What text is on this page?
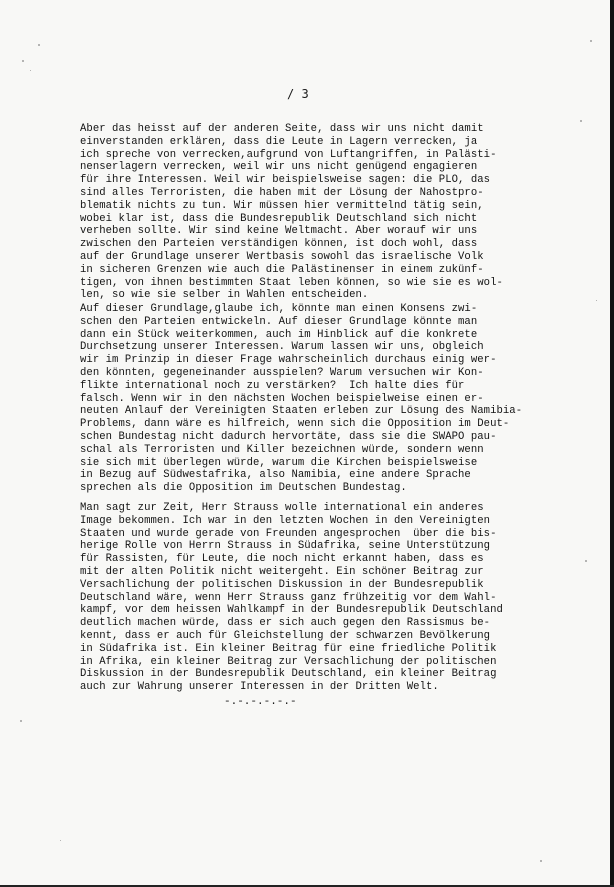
/ 3

Aber das heisst auf der anderen Seite, dass wir uns nicht damit
einverstanden erklären, dass die Leute in Lagern verrecken, ja
ich spreche von verrecken,aufgrund von Luftangriffen, in Palästi-
nenserlagern verrecken, weil wir uns nicht genügend engagieren
für ihre Interessen. Weil wir beispielsweise sagen: die PLO, das
sind alles Terroristen, die haben mit der Lösung der Nahostpro-
blematik nichts zu tun. Wir müssen hier vermittelnd tätig sein,
wobei klar ist, dass die Bundesrepublik Deutschland sich nicht
verheben sollte. Wir sind keine Weltmacht. Aber worauf wir uns
zwischen den Parteien verständigen können, ist doch wohl, dass
auf der Grundlage unserer Wertbasis sowohl das israelische Volk
in sicheren Grenzen wie auch die Palästinenser in einem zukünf-
tigen, von ihnen bestimmten Staat leben können, so wie sie es wol-
len, so wie sie selber in Wahlen entscheiden.

Auf dieser Grundlage,glaube ich, könnte man einen Konsens zwi-
schen den Parteien entwickeln. Auf dieser Grundlage könnte man
dann ein Stück weiterkommen, auch im Hinblick auf die konkrete
Durchsetzung unserer Interessen. Warum lassen wir uns, obgleich
wir im Prinzip in dieser Frage wahrscheinlich durchaus einig wer-
den könnten, gegeneinander ausspielen? Warum versuchen wir Kon-
flikte international noch zu verstärken?  Ich halte dies für
falsch. Wenn wir in den nächsten Wochen beispielweise einen er-
neuten Anlauf der Vereinigten Staaten erleben zur Lösung des Namibia-
Problems, dann wäre es hilfreich, wenn sich die Opposition im Deut-
schen Bundestag nicht dadurch hervortäte, dass sie die SWAPO pau-
schal als Terroristen und Killer bezeichnen würde, sondern wenn
sie sich mit überlegen würde, warum die Kirchen beispielsweise
in Bezug auf Südwestafrika, also Namibia, eine andere Sprache
sprechen als die Opposition im Deutschen Bundestag.

Man sagt zur Zeit, Herr Strauss wolle international ein anderes
Image bekommen. Ich war in den letzten Wochen in den Vereinigten
Staaten und wurde gerade von Freunden angesprochen  über die bis-
herige Rolle von Herrn Strauss in Südafrika, seine Unterstützung
für Rassisten, für Leute, die noch nicht erkannt haben, dass es
mit der alten Politik nicht weitergeht. Ein schöner Beitrag zur
Versachlichung der politischen Diskussion in der Bundesrepublik
Deutschland wäre, wenn Herr Strauss ganz frühzeitig vor dem Wahl-
kampf, vor dem heissen Wahlkampf in der Bundesrepublik Deutschland
deutlich machen würde, dass er sich auch gegen den Rassismus be-
kennt, dass er auch für Gleichstellung der schwarzen Bevölkerung
in Südafrika ist. Ein kleiner Beitrag für eine friedliche Politik
in Afrika, ein kleiner Beitrag zur Versachlichung der politischen
Diskussion in der Bundesrepublik Deutschland, ein kleiner Beitrag
auch zur Wahrung unserer Interessen in der Dritten Welt.

-.-.-.-.-.-
